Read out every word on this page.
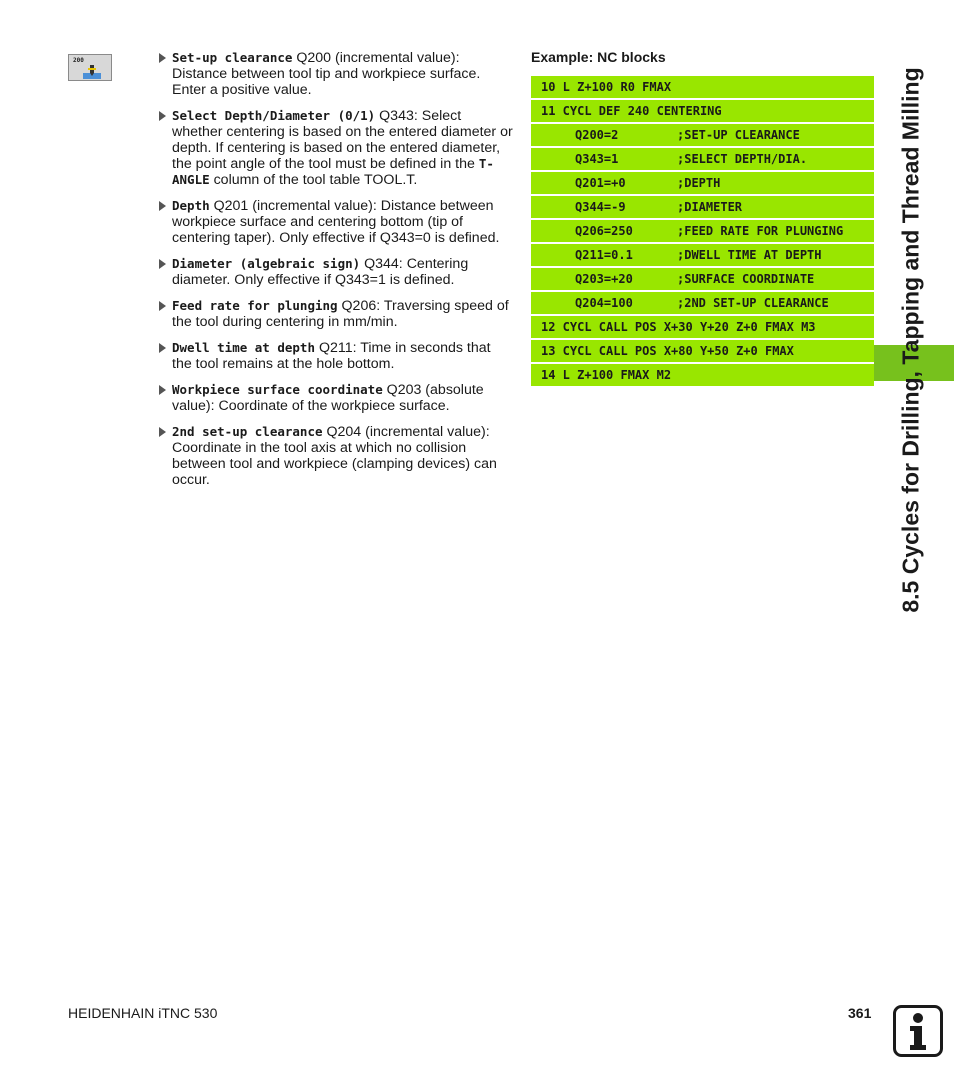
200	Set-up clearance Q200 (incremental value): Distance between tool tip and workpiece surface. Enter a positive value.
Select Depth/Diameter (0/1) Q343: Select whether centering is based on the entered diameter or depth. If centering is based on the entered diameter, the point angle of the tool must be defined in the T-ANGLE column of the tool table TOOL.T.
Depth Q201 (incremental value): Distance between workpiece surface and centering bottom (tip of centering taper). Only effective if Q343=0 is defined.
Diameter (algebraic sign) Q344: Centering diameter. Only effective if Q343=1 is defined.
Feed rate for plunging Q206: Traversing speed of the tool during centering in mm/min.
Dwell time at depth Q211: Time in seconds that the tool remains at the hole bottom.
Workpiece surface coordinate Q203 (absolute value): Coordinate of the workpiece surface.
2nd set-up clearance Q204 (incremental value): Coordinate in the tool axis at which no collision between tool and workpiece (clamping devices) can occur.
Example: NC blocks
10 L Z+100 R0 FMAX
11 CYCL DEF 240 CENTERING
Q200=2	;SET-UP CLEARANCE
Q343=1	;SELECT DEPTH/DIA.
Q201=+0	;DEPTH
Q344=-9	;DIAMETER
Q206=250	;FEED RATE FOR PLUNGING
Q211=0.1	;DWELL TIME AT DEPTH
Q203=+20	;SURFACE COORDINATE
Q204=100	;2ND SET-UP CLEARANCE
12 CYCL CALL POS X+30 Y+20 Z+0 FMAX M3
13 CYCL CALL POS X+80 Y+50 Z+0 FMAX
14 L Z+100 FMAX M2	8.5 Cycles for Drilling, Tapping and Thread Milling
HEIDENHAIN iTNC 530	361
